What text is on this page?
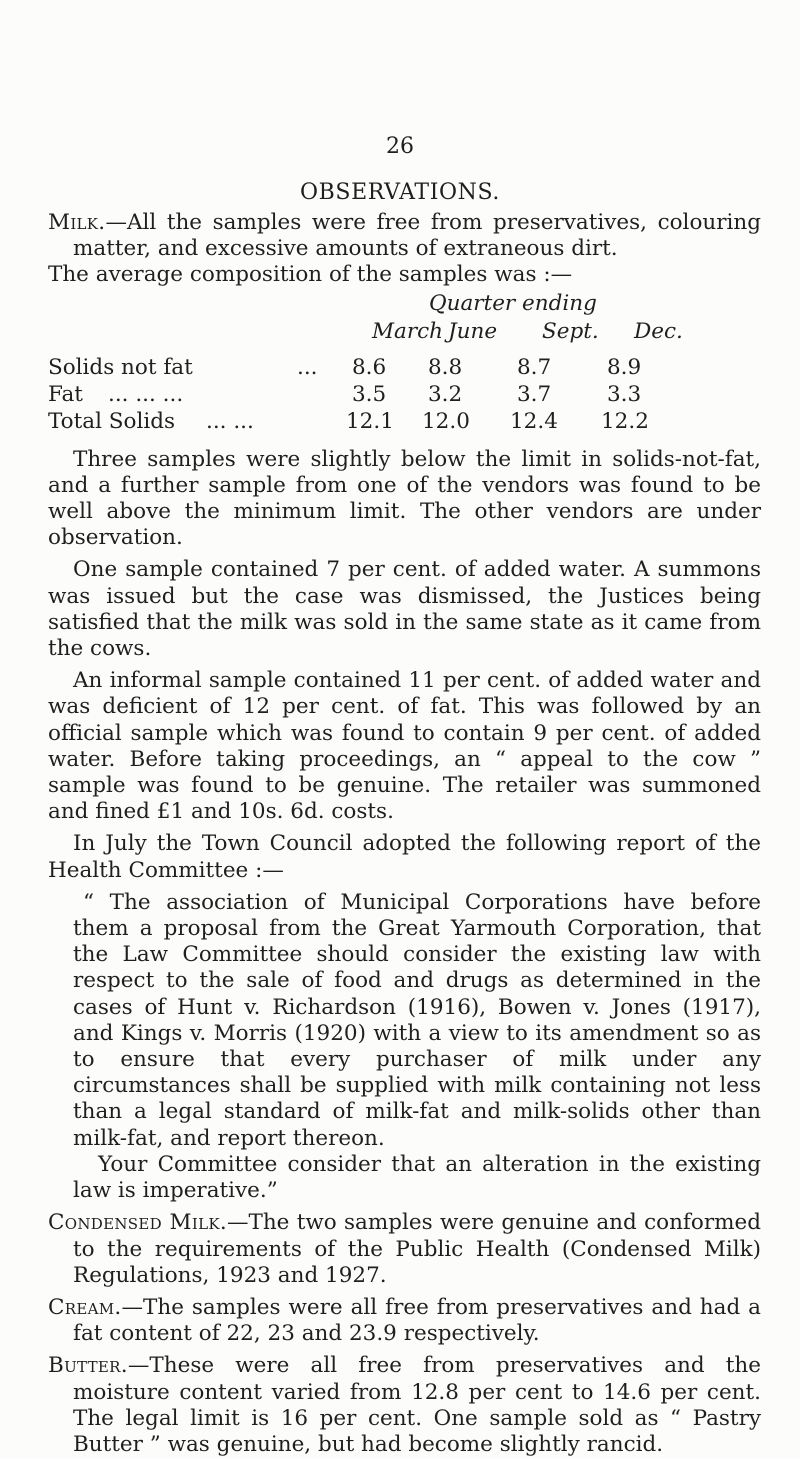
26
OBSERVATIONS.

Milk.—All the samples were free from preservatives, colouring matter, and excessive amounts of extraneous dirt.

The average composition of the samples was :—

Quarter ending
March June Sept. Dec.
Solids not fat	... 8.6 8.8	8.7	8.9
Fat ... ... ...	3.5 3.2	3.7	3.3
Total Solids ... ...	12.1 12.0 12.4 12.2

Three samples were slightly below the limit in solids-not-fat, and a further sample from one of the vendors was found to be well above the minimum limit. The other vendors are under observation.

One sample contained 7 per cent. of added water. A summons was issued but the case was dismissed, the Justices being satisfied that the milk was sold in the same state as it came from the cows.

An informal sample contained 11 per cent. of added water and was deficient of 12 per cent. of fat. This was followed by an official sample which was found to contain 9 per cent. of added water. Before taking proceedings, an “ appeal to the cow ” sample was found to be genuine. The retailer was summoned and fined £1 and 10s. 6d. costs.

In July the Town Council adopted the following report of the Health Committee :—

“ The association of Municipal Corporations have before them a proposal from the Great Yarmouth Corporation, that the Law Committee should consider the existing law with respect to the sale of food and drugs as determined in the cases of Hunt v. Richardson (1916), Bowen v. Jones (1917), and Kings v. Morris (1920) with a view to its amendment so as to ensure that every purchaser of milk under any circumstances shall be supplied with milk containing not less than a legal standard of milk-fat and milk-solids other than milk-fat, and report thereon.

Your Committee consider that an alteration in the existing law is imperative.”

Condensed Milk.—The two samples were genuine and conformed to the requirements of the Public Health (Condensed Milk) Regulations, 1923 and 1927.

Cream.—The samples were all free from preservatives and had a fat content of 22, 23 and 23.9 respectively.

Butter.—These were all free from preservatives and the moisture content varied from 12.8 per cent to 14.6 per cent. The legal limit is 16 per cent. One sample sold as “ Pastry Butter ” was genuine, but had become slightly rancid.
